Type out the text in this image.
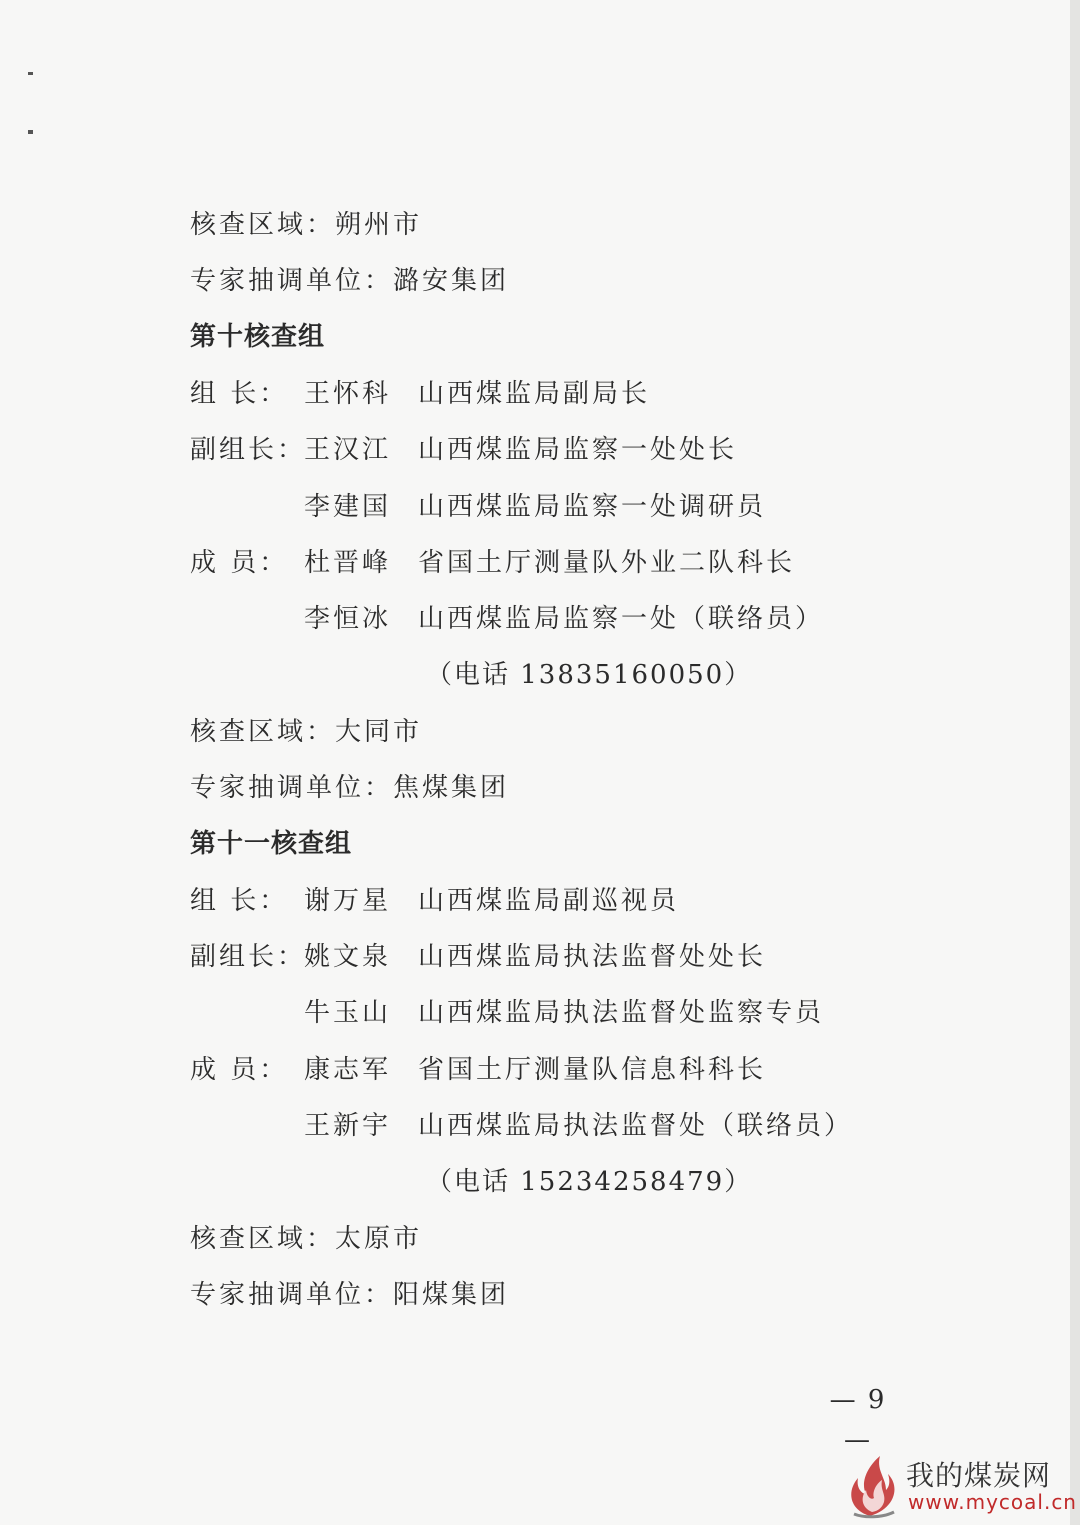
核查区域：朔州市
专家抽调单位：潞安集团
第十核查组
组 长： 王怀科 山西煤监局副局长
副组长：
王汉江 山西煤监局监察一处处长
李建国 山西煤监局监察一处调研员
成 员： 杜晋峰 省国土厅测量队外业二队科长
李恒冰 山西煤监局监察一处（联络员）
（电话 13835160050）
核查区域：大同市
专家抽调单位：焦煤集团
第十一核查组
组 长： 谢万星 山西煤监局副巡视员
副组长：
姚文泉 山西煤监局执法监督处处长
牛玉山 山西煤监局执法监督处监察专员
成 员： 康志军 省国土厅测量队信息科科长
王新宇 山西煤监局执法监督处（联络员）
（电话 15234258479）
核查区域：太原市
专家抽调单位：阳煤集团
— 9 —
我的煤炭网
www.mycoal.cn
